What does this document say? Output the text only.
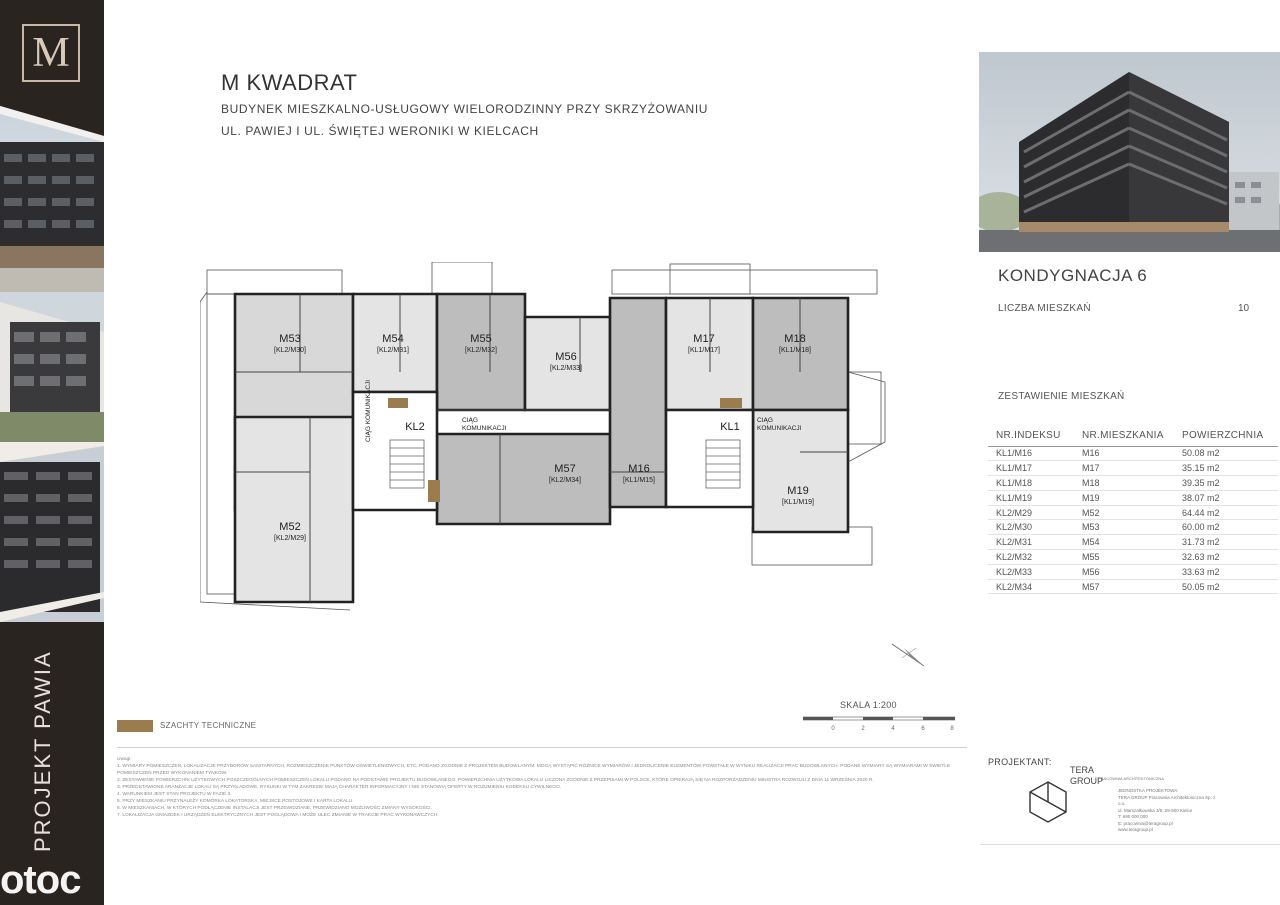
M
PROJEKT PAWIA
otoc
M KWADRAT
BUDYNEK MIESZKALNO-USŁUGOWY WIELORODZINNY PRZY SKRZYŻOWANIU
UL. PAWIEJ I UL. ŚWIĘTEJ WERONIKI W KIELCACH
KONDYGNACJA 6
LICZBA MIESZKAŃ	10
ZESTAWIENIE MIESZKAŃ
NR.INDEKSU	NR.MIESZKANIA	POWIERZCHNIA
KL1/M16	M16	50.08 m2
KL1/M17	M17	35.15 m2
KL1/M18	M18	39.35 m2
KL1/M19	M19	38.07 m2
KL2/M29	M52	64.44 m2
KL2/M30	M53	60.00 m2
KL2/M31	M54	31.73 m2
KL2/M32	M55	32.63 m2
KL2/M33	M56	33.63 m2
KL2/M34	M57	50.05 m2
M53
[KL2/M30]
M54
[KL2/M31]
M55
[KL2/M32]
M56
[KL2/M33]
M17
[KL1/M17]
M18
[KL1/M18]
M57
[KL2/M34]
M16
[KL1/M15]
M19
[KL1/M19]
M52
[KL2/M29]
KL2	KL1
CIĄG
KOMUNIKACJI
CIĄG
KOMUNIKACJI
CIĄG KOMUNIKACJI
SZACHTY TECHNICZNE
SKALA 1:200
0	2	4	6	8

Uwagi:

1. WYMIARY POMIESZCZEŃ, LOKALIZACJE PRZYBORÓW SANITARNYCH, ROZMIESZCZENIE PUNKTÓW OŚWIETLENIOWYCH, ETC. PODANO ZGODNIE Z PROJEKTEM BUDOWLANYM. MOGĄ WYSTĄPIĆ RÓŻNICE WYMIARÓW I JEDNOLICENIE ELEMENTÓW POWSTAŁE W WYNIKU REALIZACJI PRAC BUDOWLANYCH. PODANE WYMIARY SĄ WYMIARAMI W ŚWIETLE

POMIESZCZEŃ PRZED WYKONANIEM TYNKÓW.

2. ZESTAWIENIE POWIERZCHNI UŻYTKOWYCH POSZCZEGÓLNYCH POMIESZCZEŃ LOKALU PODANO NA PODSTAWIE PROJEKTU BUDOWLANEGO. POWIERZCHNIA UŻYTKOWA LOKALU LICZONA ZGODNIE Z PRZEPISAMI W POLSCE, KTÓRE OPIERAJĄ SIĘ NA ROZPORZĄDZENIU MINISTRA ROZWOJU Z DNIA 11 WRZEŚNIA 2020 R.

3. PRZEDSTAWIONE ARANŻACJE LOKALI SĄ PRZYKŁADOWE, RYSUNKI W TYM ZAKRESIE MAJĄ CHARAKTER INFORMACYJNY I NIE STANOWIĄ OFERTY W ROZUMIENIU KODEKSU CYWILNEGO.

4. WARUNKIEM JEST STAN PROJEKTU W FAZIE II.

5. PRZY MIESZKANIU PRZYNALEŻY KOMÓRKA LOKATORSKA, MIEJSCE POSTOJOWE I KARTA LOKALU.

6. W MIESZKANIACH, W KTÓRYCH PODŁĄCZENIE INSTALACJI JEST PRZEWIDZIANE, PRZEWIDZIANO MOŻLIWOŚĆ ZMIANY WYSOKOŚCI.

7. LOKALIZACJA GNIAZDEK I URZĄDZEŃ ELEKTRYCZNYCH JEST POGLĄDOWA I MOŻE ULEC ZMIANIE W TRAKCIE PRAC WYKONAWCZYCH.

PROJEKTANT:
TERA
GROUP
PRACOWNIA ARCHITEKTONICZNA
JEDNOSTKA PROJEKTOWA:
TERA GROUP Pracownia Architektoniczna Sp. z o.o.
ul. Marszałkowska 3/5, 25-500 Kielce
T: 690 000 000
E: pracownia@teragroup.pl
www.teragroup.pl
